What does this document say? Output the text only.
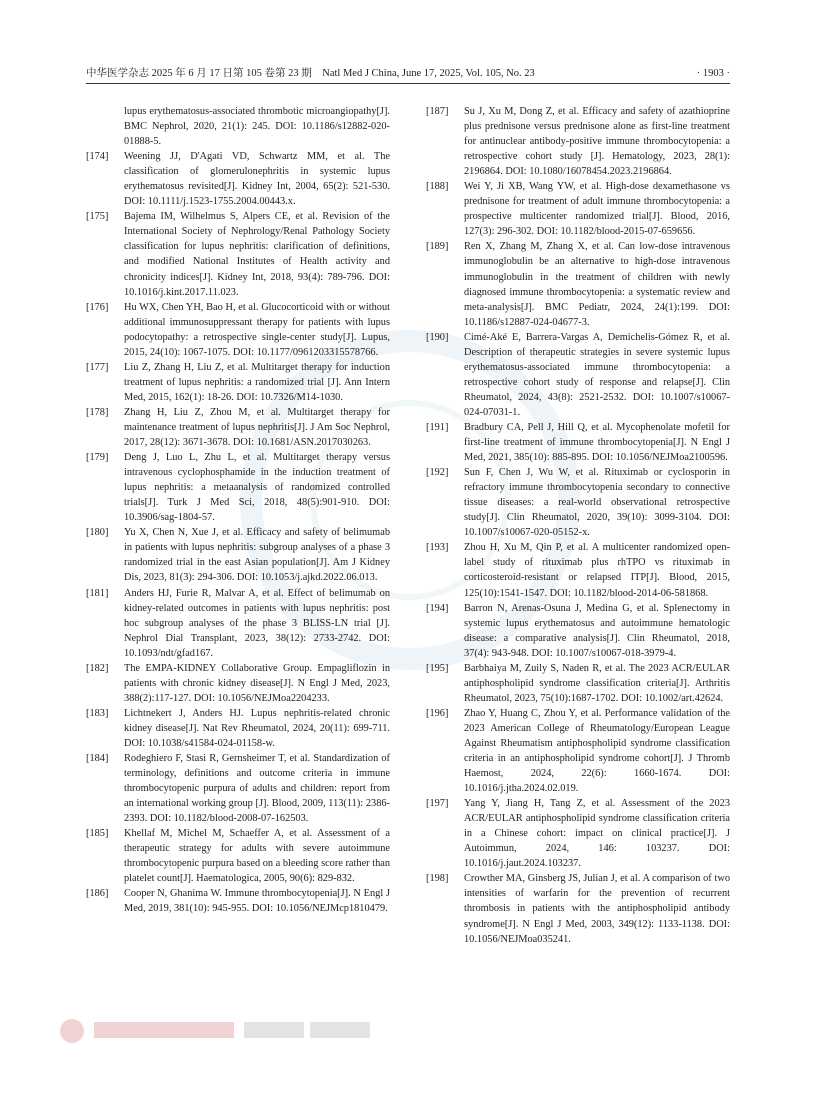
中华医学杂志 2025 年 6 月 17 日第 105 卷第 23 期　Natl Med J China, June 17, 2025, Vol. 105, No. 23	· 1903 ·
lupus erythematosus-associated thrombotic microangiopathy[J]. BMC Nephrol, 2020, 21(1): 245. DOI: 10.1186/s12882-020-01888-5.
[174]	Weening JJ, D'Agati VD, Schwartz MM, et al. The classification of glomerulonephritis in systemic lupus erythematosus revisited[J]. Kidney Int, 2004, 65(2): 521-530. DOI: 10.1111/j.1523-1755.2004.00443.x.
[175]	Bajema IM, Wilhelmus S, Alpers CE, et al. Revision of the International Society of Nephrology/Renal Pathology Society classification for lupus nephritis: clarification of definitions, and modified National Institutes of Health activity and chronicity indices[J]. Kidney Int, 2018, 93(4): 789-796. DOI: 10.1016/j.kint.2017.11.023.
[176]	Hu WX, Chen YH, Bao H, et al. Glucocorticoid with or without additional immunosuppressant therapy for patients with lupus podocytopathy: a retrospective single-center study[J]. Lupus, 2015, 24(10): 1067-1075. DOI: 10.1177/0961203315578766.
[177]	Liu Z, Zhang H, Liu Z, et al. Multitarget therapy for induction treatment of lupus nephritis: a randomized trial [J]. Ann Intern Med, 2015, 162(1): 18-26. DOI: 10.7326/M14-1030.
[178]	Zhang H, Liu Z, Zhou M, et al. Multitarget therapy for maintenance treatment of lupus nephritis[J]. J Am Soc Nephrol, 2017, 28(12): 3671-3678. DOI: 10.1681/ASN.2017030263.
[179]	Deng J, Luo L, Zhu L, et al. Multitarget therapy versus intravenous cyclophosphamide in the induction treatment of lupus nephritis: a metaanalysis of randomized controlled trials[J]. Turk J Med Sci, 2018, 48(5):901-910. DOI: 10.3906/sag-1804-57.
[180]	Yu X, Chen N, Xue J, et al. Efficacy and safety of belimumab in patients with lupus nephritis: subgroup analyses of a phase 3 randomized trial in the east Asian population[J]. Am J Kidney Dis, 2023, 81(3): 294-306. DOI: 10.1053/j.ajkd.2022.06.013.
[181]	Anders HJ, Furie R, Malvar A, et al. Effect of belimumab on kidney-related outcomes in patients with lupus nephritis: post hoc subgroup analyses of the phase 3 BLISS-LN trial [J]. Nephrol Dial Transplant, 2023, 38(12): 2733-2742. DOI: 10.1093/ndt/gfad167.
[182]	The EMPA-KIDNEY Collaborative Group. Empagliflozin in patients with chronic kidney disease[J]. N Engl J Med, 2023, 388(2):117-127. DOI: 10.1056/NEJMoa2204233.
[183]	Lichtnekert J, Anders HJ. Lupus nephritis-related chronic kidney disease[J]. Nat Rev Rheumatol, 2024, 20(11): 699-711. DOI: 10.1038/s41584-024-01158-w.
[184]	Rodeghiero F, Stasi R, Gernsheimer T, et al. Standardization of terminology, definitions and outcome criteria in immune thrombocytopenic purpura of adults and children: report from an international working group [J]. Blood, 2009, 113(11): 2386-2393. DOI: 10.1182/blood-2008-07-162503.
[185]	Khellaf M, Michel M, Schaeffer A, et al. Assessment of a therapeutic strategy for adults with severe autoimmune thrombocytopenic purpura based on a bleeding score rather than platelet count[J]. Haematologica, 2005, 90(6): 829-832.
[186]	Cooper N, Ghanima W. Immune thrombocytopenia[J]. N Engl J Med, 2019, 381(10): 945-955. DOI: 10.1056/NEJMcp1810479.
[187]	Su J, Xu M, Dong Z, et al. Efficacy and safety of azathioprine plus prednisone versus prednisone alone as first-line treatment for antinuclear antibody-positive immune thrombocytopenia: a retrospective cohort study [J]. Hematology, 2023, 28(1): 2196864. DOI: 10.1080/16078454.2023.2196864.
[188]	Wei Y, Ji XB, Wang YW, et al. High-dose dexamethasone vs prednisone for treatment of adult immune thrombocytopenia: a prospective multicenter randomized trial[J]. Blood, 2016, 127(3): 296-302. DOI: 10.1182/blood-2015-07-659656.
[189]	Ren X, Zhang M, Zhang X, et al. Can low-dose intravenous immunoglobulin be an alternative to high-dose intravenous immunoglobulin in the treatment of children with newly diagnosed immune thrombocytopenia: a systematic review and meta-analysis[J]. BMC Pediatr, 2024, 24(1):199. DOI: 10.1186/s12887-024-04677-3.
[190]	Cimé-Aké E, Barrera-Vargas A, Demichelis-Gómez R, et al. Description of therapeutic strategies in severe systemic lupus erythematosus-associated immune thrombocytopenia: a retrospective cohort study of response and relapse[J]. Clin Rheumatol, 2024, 43(8): 2521-2532. DOI: 10.1007/s10067-024-07031-1.
[191]	Bradbury CA, Pell J, Hill Q, et al. Mycophenolate mofetil for first-line treatment of immune thrombocytopenia[J]. N Engl J Med, 2021, 385(10): 885-895. DOI: 10.1056/NEJMoa2100596.
[192]	Sun F, Chen J, Wu W, et al. Rituximab or cyclosporin in refractory immune thrombocytopenia secondary to connective tissue diseases: a real-world observational retrospective study[J]. Clin Rheumatol, 2020, 39(10): 3099-3104. DOI: 10.1007/s10067-020-05152-x.
[193]	Zhou H, Xu M, Qin P, et al. A multicenter randomized open-label study of rituximab plus rhTPO vs rituximab in corticosteroid-resistant or relapsed ITP[J]. Blood, 2015, 125(10):1541-1547. DOI: 10.1182/blood-2014-06-581868.
[194]	Barron N, Arenas-Osuna J, Medina G, et al. Splenectomy in systemic lupus erythematosus and autoimmune hematologic disease: a comparative analysis[J]. Clin Rheumatol, 2018, 37(4): 943-948. DOI: 10.1007/s10067-018-3979-4.
[195]	Barbhaiya M, Zuily S, Naden R, et al. The 2023 ACR/EULAR antiphospholipid syndrome classification criteria[J]. Arthritis Rheumatol, 2023, 75(10):1687-1702. DOI: 10.1002/art.42624.
[196]	Zhao Y, Huang C, Zhou Y, et al. Performance validation of the 2023 American College of Rheumatology/European League Against Rheumatism antiphospholipid syndrome classification criteria in an antiphospholipid syndrome cohort[J]. J Thromb Haemost, 2024, 22(6): 1660-1674. DOI: 10.1016/j.jtha.2024.02.019.
[197]	Yang Y, Jiang H, Tang Z, et al. Assessment of the 2023 ACR/EULAR antiphospholipid syndrome classification criteria in a Chinese cohort: impact on clinical practice[J]. J Autoimmun, 2024, 146: 103237. DOI: 10.1016/j.jaut.2024.103237.
[198]	Crowther MA, Ginsberg JS, Julian J, et al. A comparison of two intensities of warfarin for the prevention of recurrent thrombosis in patients with the antiphospholipid antibody syndrome[J]. N Engl J Med, 2003, 349(12): 1133-1138. DOI: 10.1056/NEJMoa035241.
